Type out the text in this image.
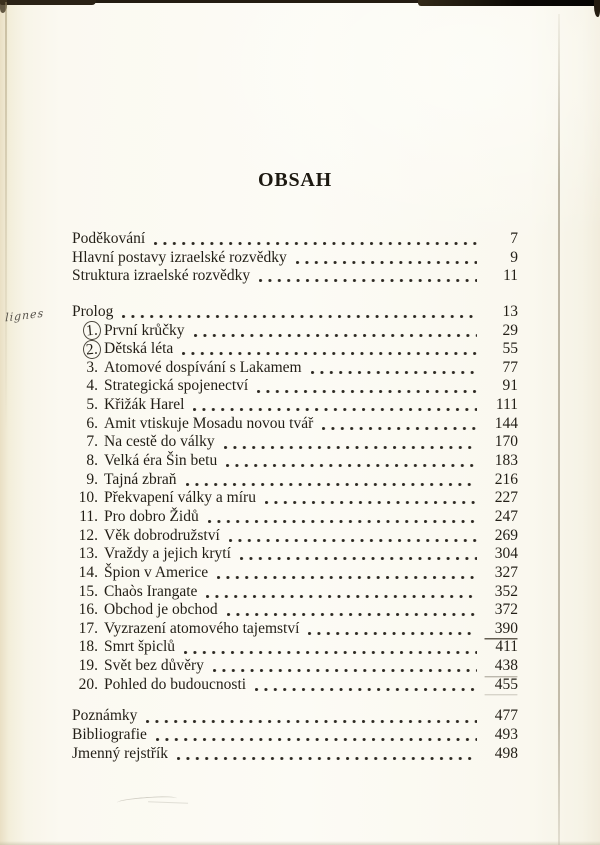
lignes
OBSAH
Poděkování	7
Hlavní postavy izraelské rozvědky	9
Struktura izraelské rozvědky	11
Prolog	13
1. První krůčky	29
2. Dětská léta	55
3. Atomové dospívání s Lakamem	77
4. Strategická spojenectví	91
5. Křižák Harel	111
6. Amit vtiskuje Mosadu novou tvář	144
7. Na cestě do války	170
8. Velká éra Šin betu	183
9. Tajná zbraň	216
10. Překvapení války a míru	227
11. Pro dobro Židů	247
12. Věk dobrodružství	269
13. Vraždy a jejich krytí	304
14. Špion v Americe	327
15. Chaòs Irangate	352
16. Obchod je obchod	372
17. Vyzrazení atomového tajemství	390
18. Smrt špiclů	411
19. Svět bez důvěry	438
20. Pohled do budoucnosti	455
Poznámky	477
Bibliografie	493
Jmenný rejstřík	498
